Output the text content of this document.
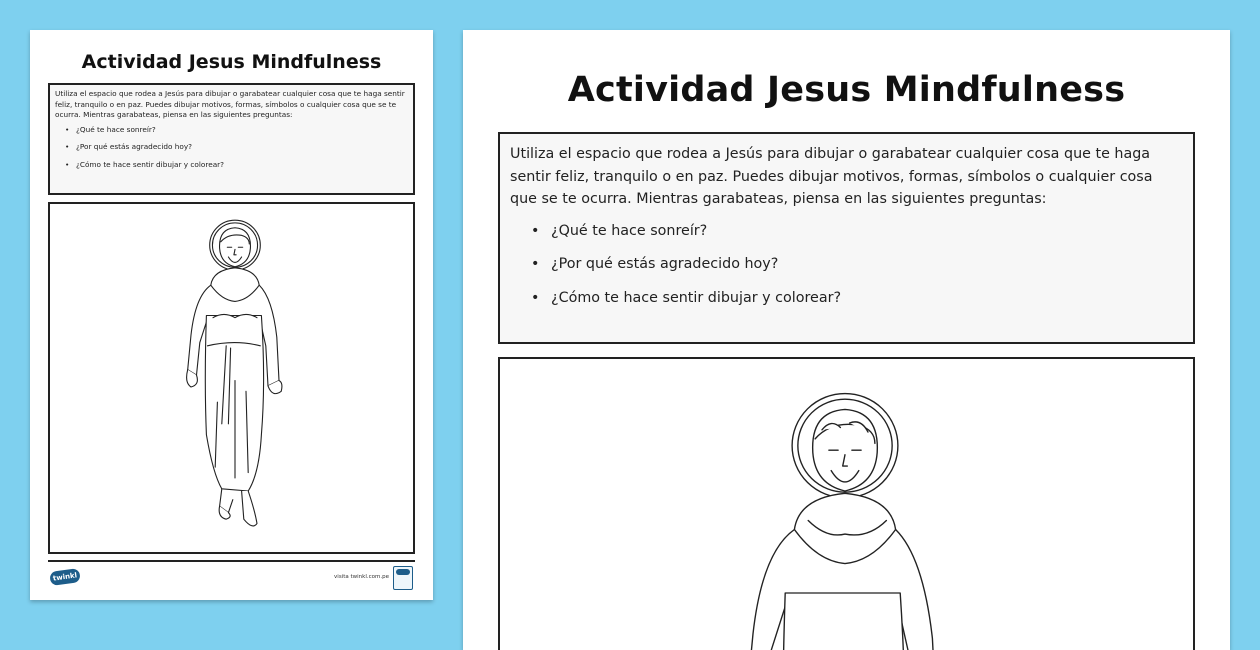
Actividad Jesus Mindfulness
Utiliza el espacio que rodea a Jesús para dibujar o garabatear cualquier cosa que te haga sentir feliz, tranquilo o en paz. Puedes dibujar motivos, formas, símbolos o cualquier cosa que se te ocurra. Mientras garabateas, piensa en las siguientes preguntas:
• ¿Qué te hace sonreír?
• ¿Por qué estás agradecido hoy?
• ¿Cómo te hace sentir dibujar y colorear?
twinkl	visita twinkl.com.pe
Actividad Jesus Mindfulness
Utiliza el espacio que rodea a Jesús para dibujar o garabatear cualquier cosa que te haga sentir feliz, tranquilo o en paz. Puedes dibujar motivos, formas, símbolos o cualquier cosa que se te ocurra. Mientras garabateas, piensa en las siguientes preguntas:
• ¿Qué te hace sonreír?
• ¿Por qué estás agradecido hoy?
• ¿Cómo te hace sentir dibujar y colorear?
